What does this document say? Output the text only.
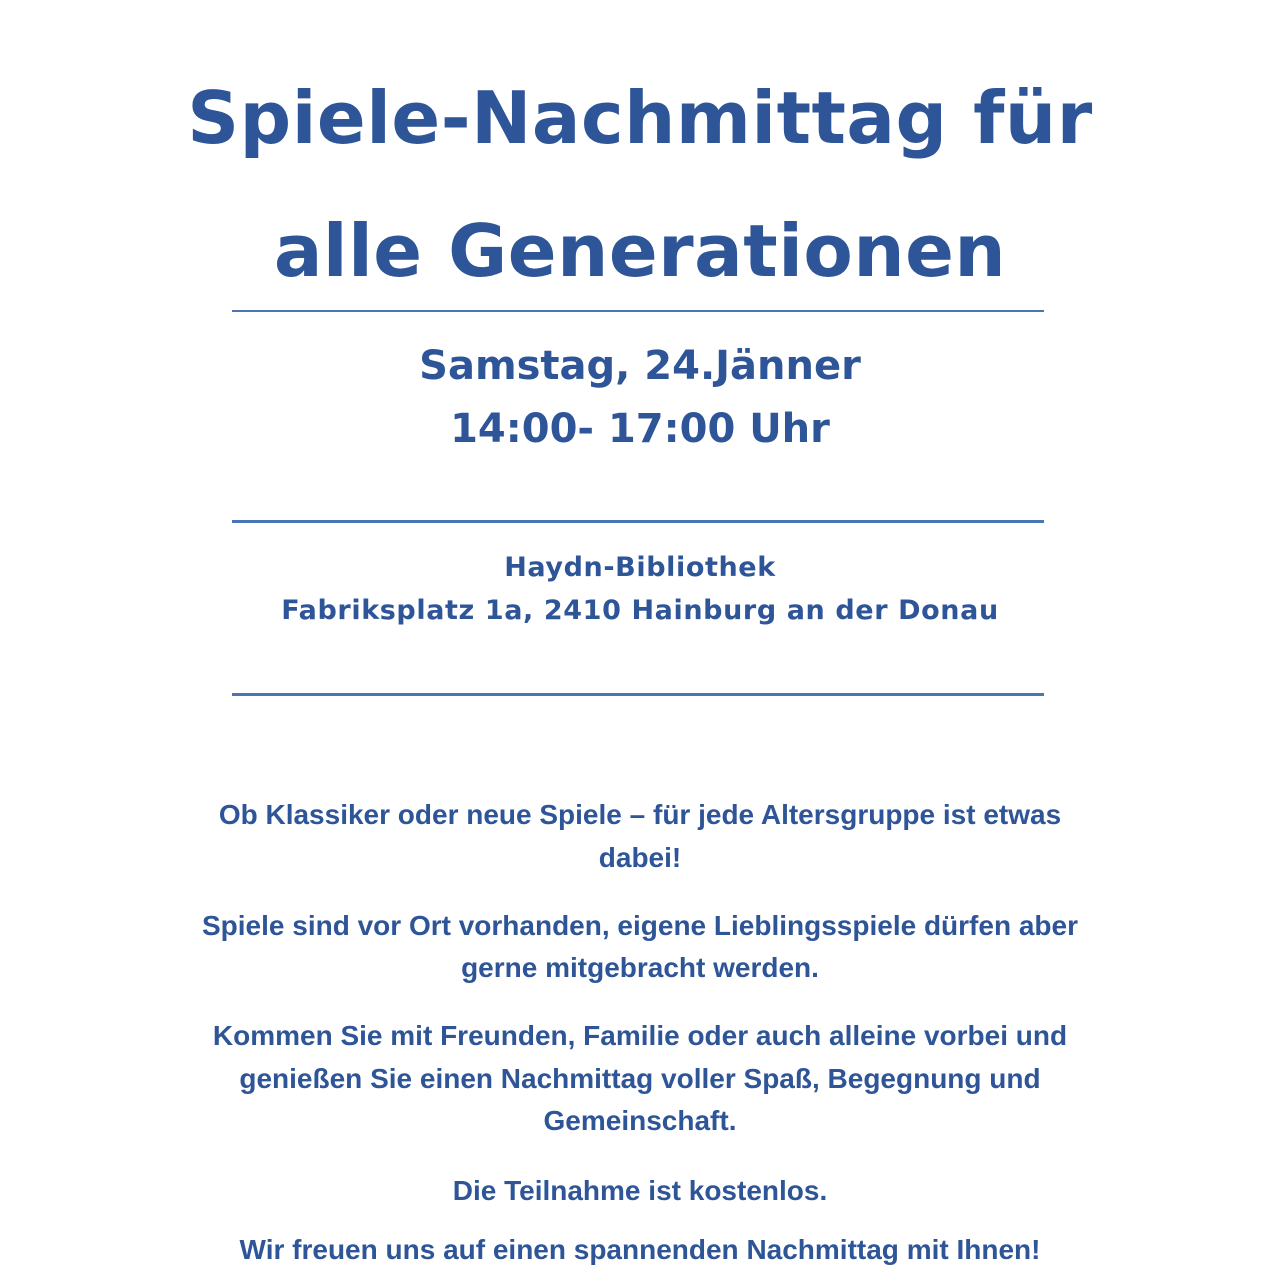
Spiele-Nachmittag für
alle Generationen
Samstag, 24.Jänner
14:00- 17:00 Uhr
Haydn-Bibliothek
Fabriksplatz 1a, 2410 Hainburg an der Donau
Ob Klassiker oder neue Spiele – für jede Altersgruppe ist etwas
dabei!
Spiele sind vor Ort vorhanden, eigene Lieblingsspiele dürfen aber
gerne mitgebracht werden.
Kommen Sie mit Freunden, Familie oder auch alleine vorbei und
genießen Sie einen Nachmittag voller Spaß, Begegnung und
Gemeinschaft.
Die Teilnahme ist kostenlos.
Wir freuen uns auf einen spannenden Nachmittag mit Ihnen!
